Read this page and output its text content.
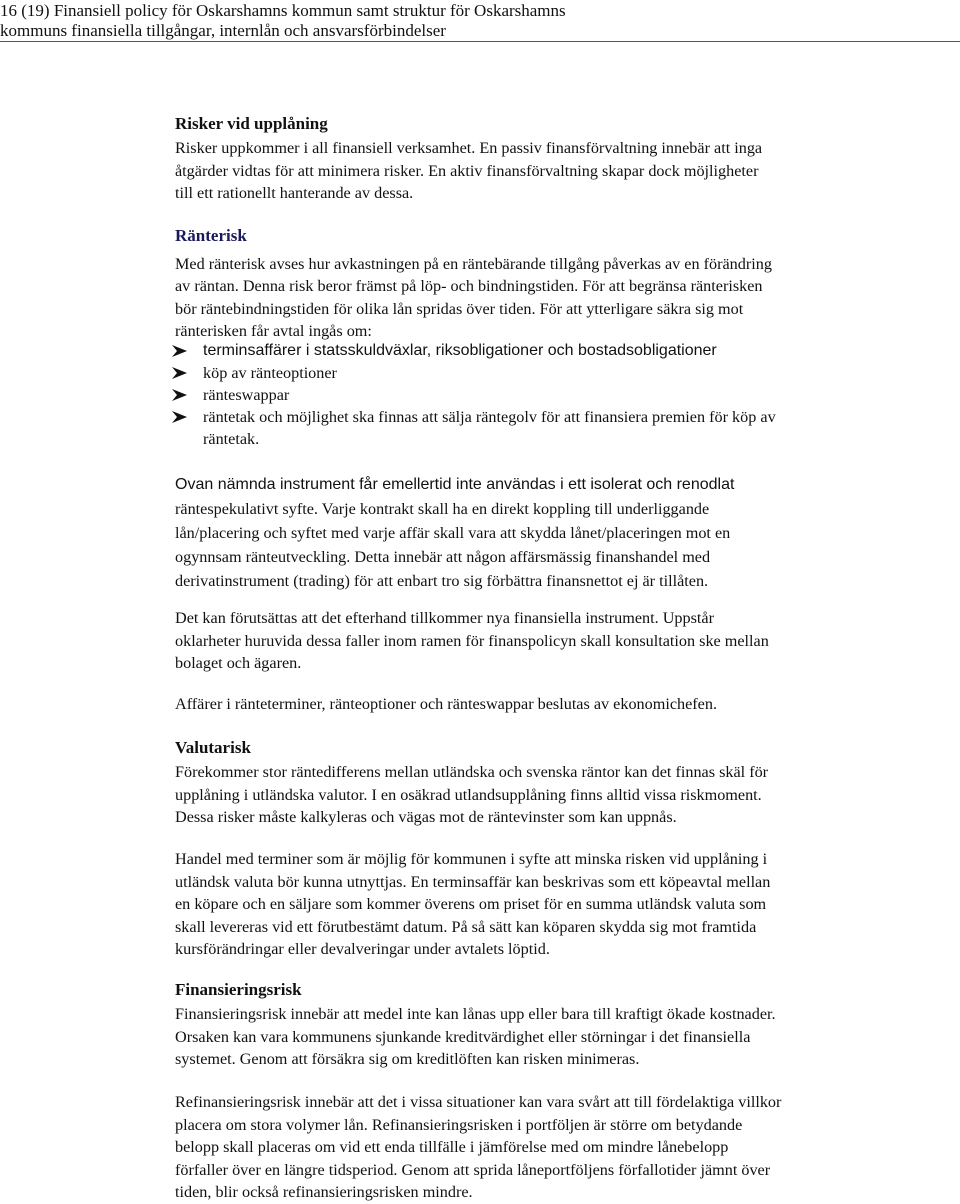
16 (19) Finansiell policy för Oskarshamns kommun samt struktur för Oskarshamns
kommuns finansiella tillgångar, internlån och ansvarsförbindelser
Risker vid upplåning
Risker uppkommer i all finansiell verksamhet. En passiv finansförvaltning innebär att inga
åtgärder vidtas för att minimera risker. En aktiv finansförvaltning skapar dock möjligheter
till ett rationellt hanterande av dessa.
Ränterisk
Med ränterisk avses hur avkastningen på en räntebärande tillgång påverkas av en förändring
av räntan. Denna risk beror främst på löp- och bindningstiden. För att begränsa ränterisken
bör räntebindningstiden för olika lån spridas över tiden. För att ytterligare säkra sig mot
ränterisken får avtal ingås om:
terminsaffärer i statsskuldväxlar, riksobligationer och bostadsobligationer
köp av ränteoptioner
ränteswappar
räntetak och möjlighet ska finnas att sälja räntegolv för att finansiera premien för köp av
räntetak.
Ovan nämnda instrument får emellertid inte användas i ett isolerat och renodlat
räntespekulativt syfte. Varje kontrakt skall ha en direkt koppling till underliggande
lån/placering och syftet med varje affär skall vara att skydda lånet/placeringen mot en
ogynnsam ränteutveckling. Detta innebär att någon affärsmässig finanshandel med
derivatinstrument (trading) för att enbart tro sig förbättra finansnettot ej är tillåten.
Det kan förutsättas att det efterhand tillkommer nya finansiella instrument. Uppstår
oklarheter huruvida dessa faller inom ramen för finanspolicyn skall konsultation ske mellan
bolaget och ägaren.
Affärer i ränteterminer, ränteoptioner och ränteswappar beslutas av ekonomichefen.
Valutarisk
Förekommer stor räntedifferens mellan utländska och svenska räntor kan det finnas skäl för
upplåning i utländska valutor. I en osäkrad utlandsupplåning finns alltid vissa riskmoment.
Dessa risker måste kalkyleras och vägas mot de räntevinster som kan uppnås.
Handel med terminer som är möjlig för kommunen i syfte att minska risken vid upplåning i
utländsk valuta bör kunna utnyttjas. En terminsaffär kan beskrivas som ett köpeavtal mellan
en köpare och en säljare som kommer överens om priset för en summa utländsk valuta som
skall levereras vid ett förutbestämt datum. På så sätt kan köparen skydda sig mot framtida
kursförändringar eller devalveringar under avtalets löptid.
Finansieringsrisk
Finansieringsrisk innebär att medel inte kan lånas upp eller bara till kraftigt ökade kostnader.
Orsaken kan vara kommunens sjunkande kreditvärdighet eller störningar i det finansiella
systemet. Genom att försäkra sig om kreditlöften kan risken minimeras.
Refinansieringsrisk innebär att det i vissa situationer kan vara svårt att till fördelaktiga villkor
placera om stora volymer lån. Refinansieringsrisken i portföljen är större om betydande
belopp skall placeras om vid ett enda tillfälle i jämförelse med om mindre lånebelopp
förfaller över en längre tidsperiod. Genom att sprida låneportföljens förfallotider jämnt över
tiden, blir också refinansieringsrisken mindre.
